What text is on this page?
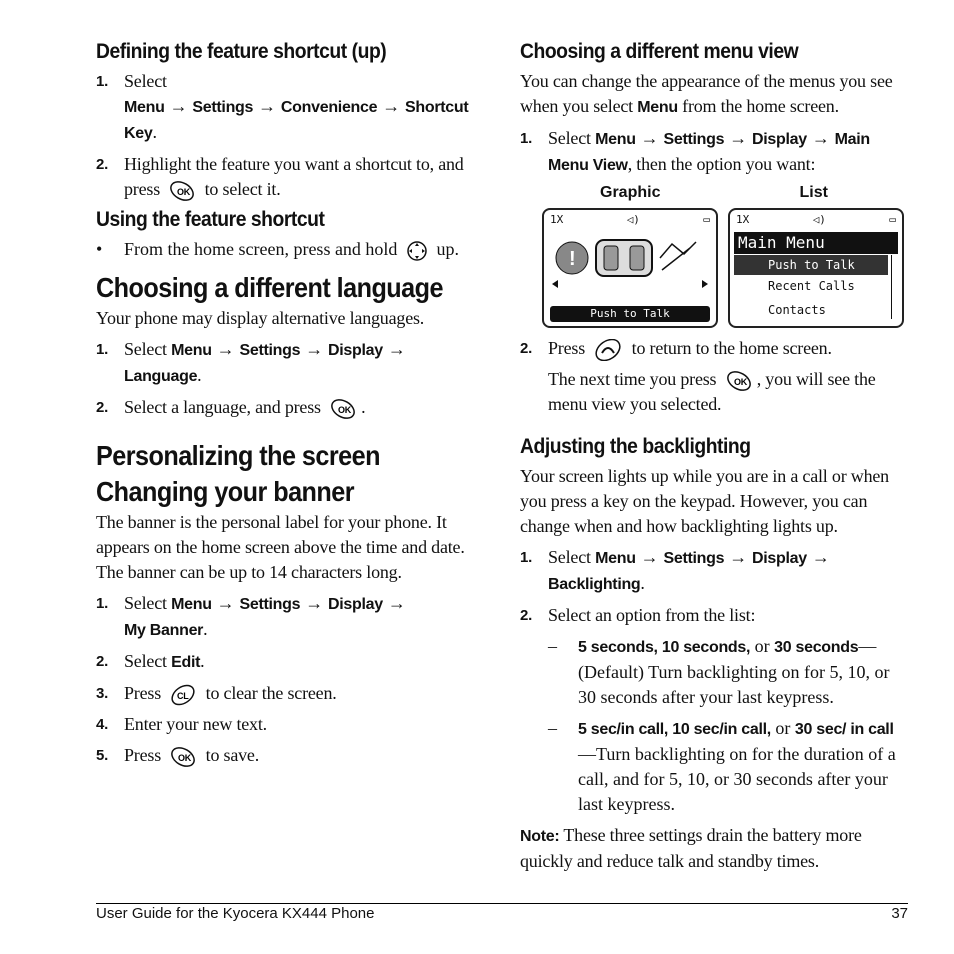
Defining the feature shortcut (up)
1. Select Menu → Settings → Convenience → Shortcut Key.
2. Highlight the feature you want a shortcut to, and press OK to select it.
Using the feature shortcut
•	From the home screen, press and hold up.
Choosing a different language
Your phone may display alternative languages.
1. Select Menu → Settings → Display →
Language.
2. Select a language, and press OK .
Personalizing the screen
Changing your banner
The banner is the personal label for your phone. It appears on the home screen above the time and date. The banner can be up to 14 characters long.
1. Select Menu → Settings → Display →
My Banner.
2. Select Edit.
3. Press CL to clear the screen.
4. Enter your new text.
5. Press OK to save.
Choosing a different menu view
You can change the appearance of the menus you see when you select Menu from the home screen.
1. Select Menu → Settings → Display → Main Menu View, then the option you want:
Graphic	List
1X	◁)	▭
!
Push to Talk
1X	◁)	▭
Main Menu
Push to Talk
Recent Calls
Contacts
2. Press	to return to the home screen.
The next time you press OK , you will see the menu view you selected.
Adjusting the backlighting
Your screen lights up while you are in a call or when you press a key on the keypad. However, you can change when and how backlighting lights up.
1. Select Menu → Settings → Display →
Backlighting.
2. Select an option from the list:
–	5 seconds, 10 seconds, or 30 seconds—(Default) Turn backlighting on for 5, 10, or 30 seconds after your last keypress.
–	5 sec/in call, 10 sec/in call, or 30 sec/ in call—Turn backlighting on for the duration of a call, and for 5, 10, or 30 seconds after your last keypress.
Note: These three settings drain the battery more quickly and reduce talk and standby times.
User Guide for the Kyocera KX444 Phone	37
